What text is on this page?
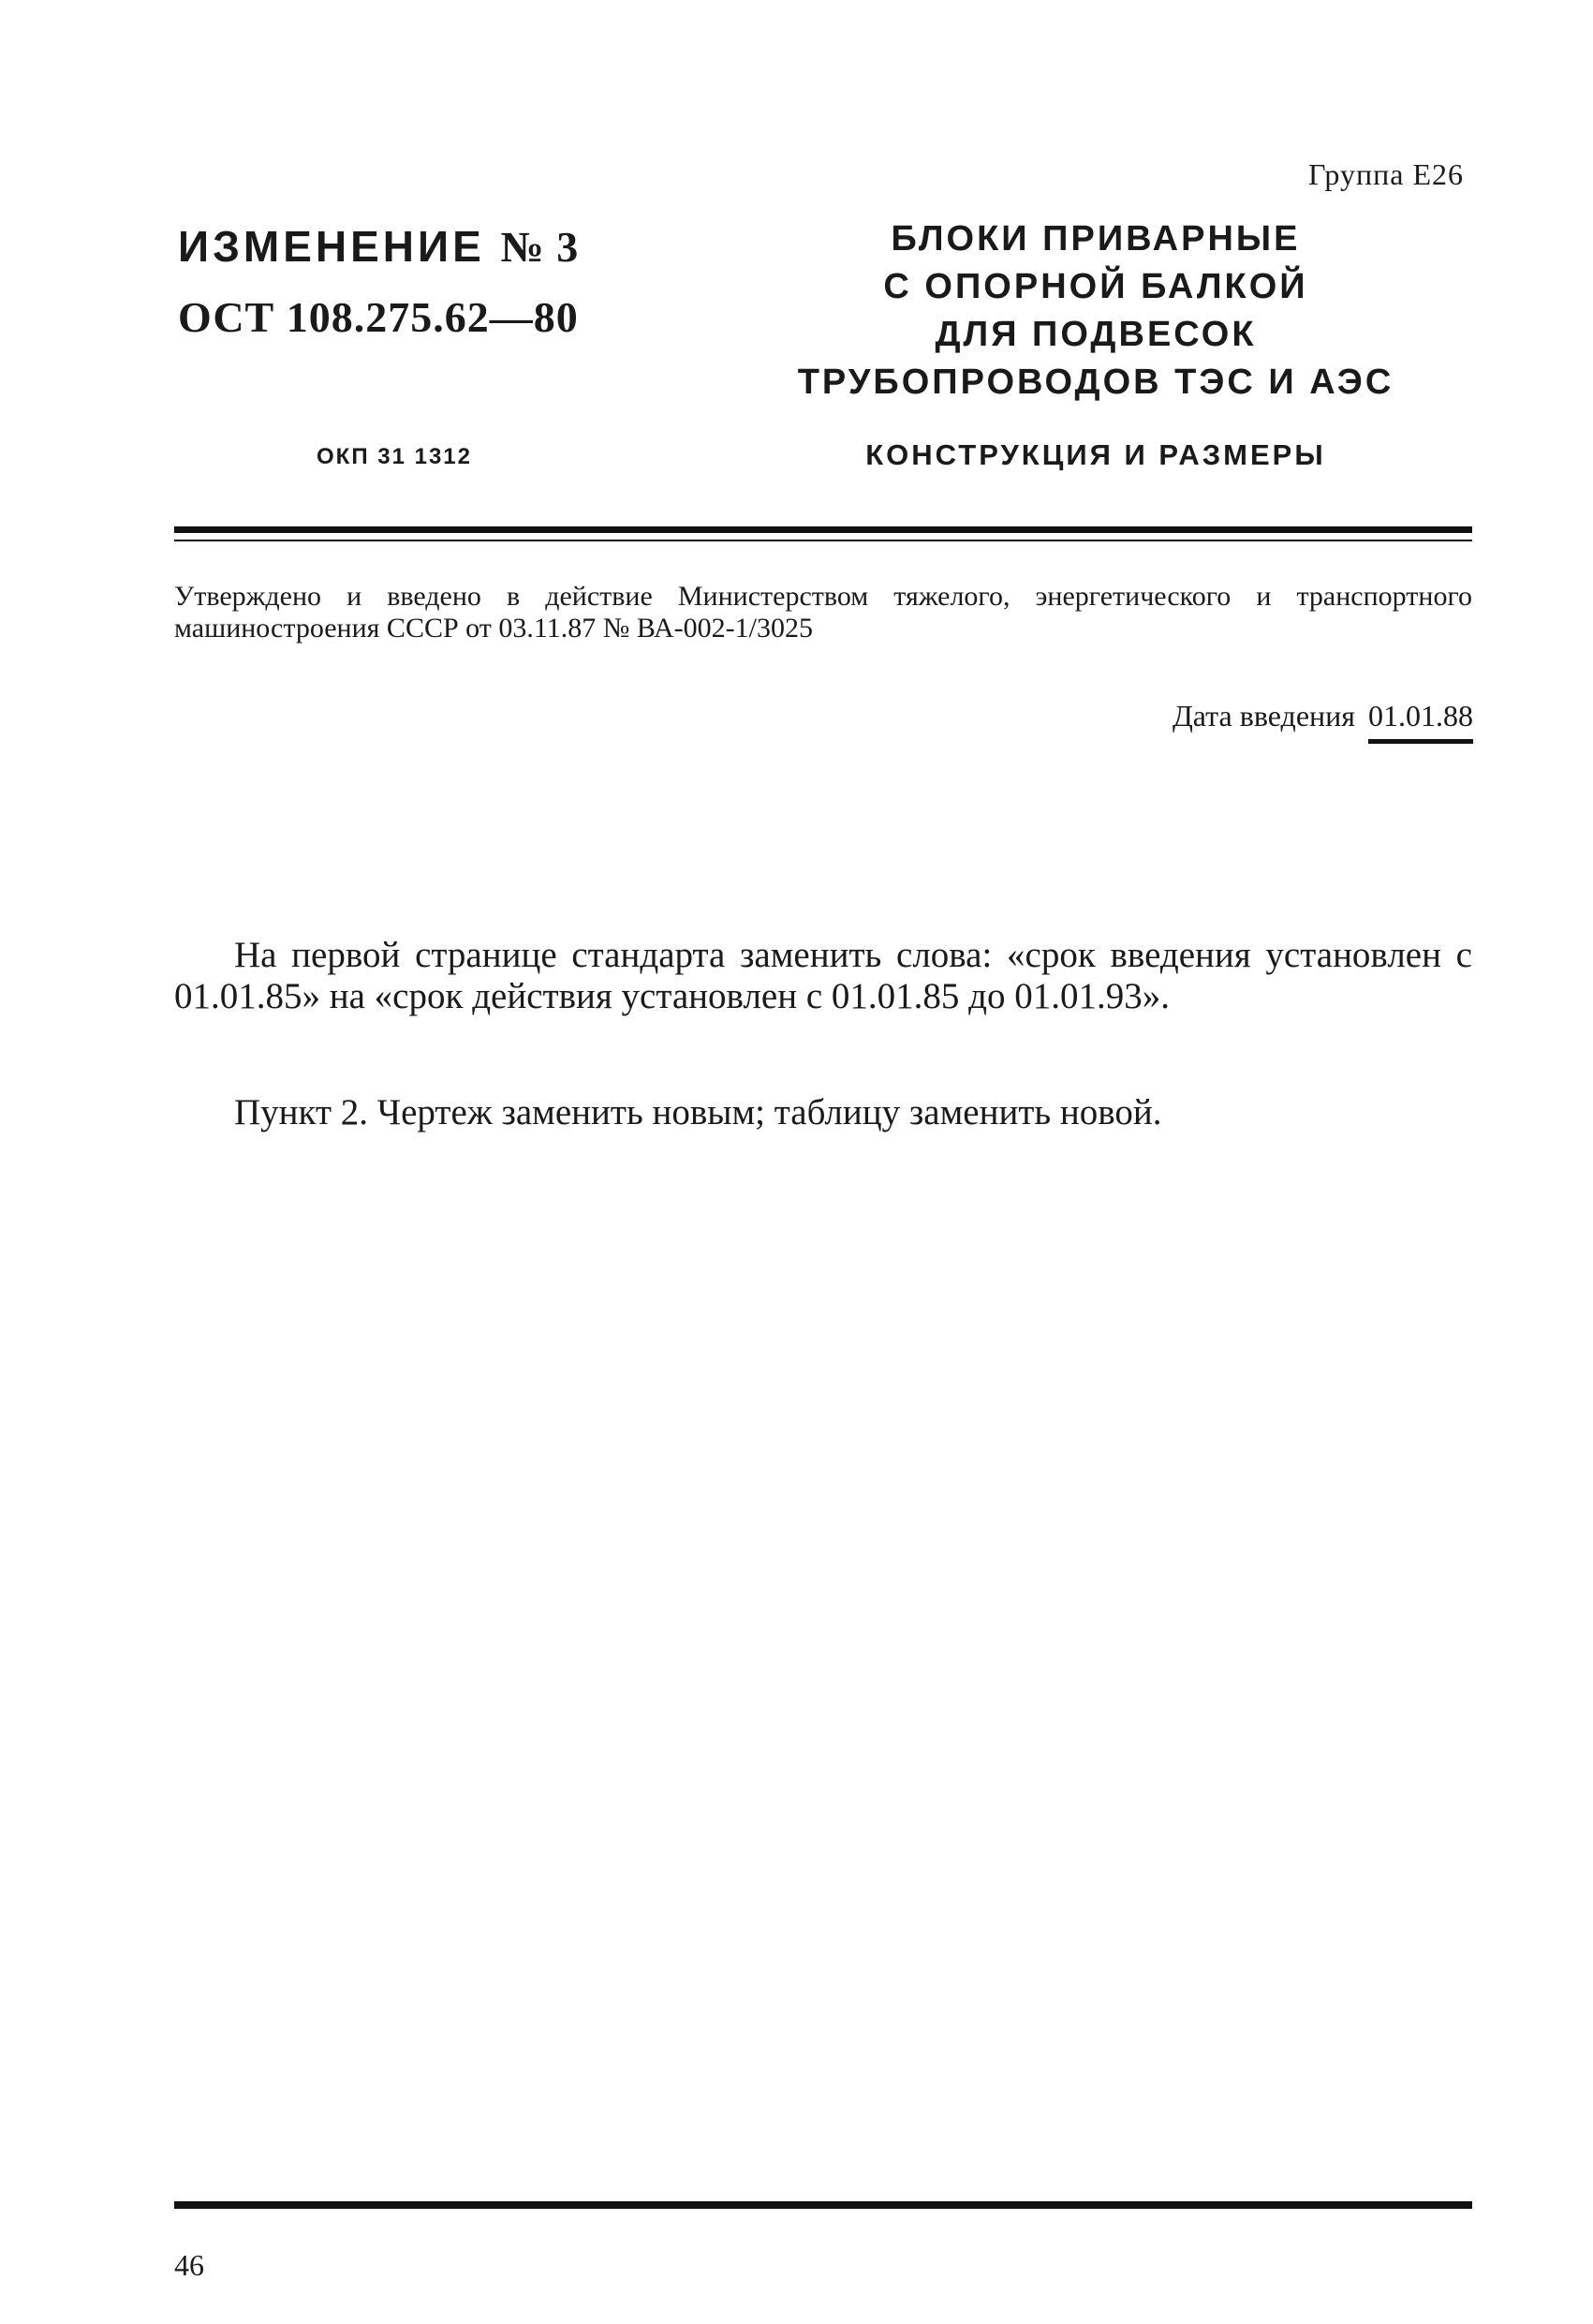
Группа Е26
ИЗМЕНЕНИЕ № 3
ОСТ 108.275.62—80
ОКП 31 1312
БЛОКИ ПРИВАРНЫЕ
С ОПОРНОЙ БАЛКОЙ
ДЛЯ ПОДВЕСОК
ТРУБОПРОВОДОВ ТЭС И АЭС
КОНСТРУКЦИЯ И РАЗМЕРЫ
Утверждено и введено в действие Министерством тяжелого, энергетического и транспортного машиностроения СССР от 03.11.87 № ВА-002-1/3025
Дата введения 01.01.88
На первой странице стандарта заменить слова: «срок введения установлен с 01.01.85» на «срок действия установлен с 01.01.85 до 01.01.93».
Пункт 2. Чертеж заменить новым; таблицу заменить новой.
46
